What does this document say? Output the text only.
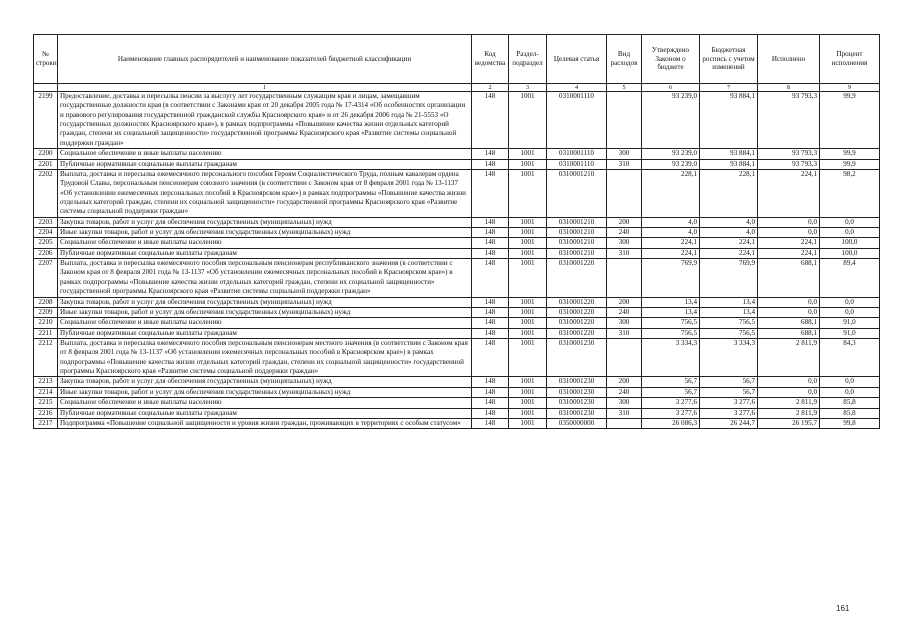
№ строки	Наименование главных распорядителей и наименование показателей бюджетной классификации	Код ведомства	Раздел-подраздел	Целевая статья	Вид расходов	Утверждено Законом о бюджете	Бюджетная роспись с учетом изменений	Исполнено	Процент исполнения
	1	2	3	4	5	6	7	8	9
2199	Предоставление, доставка и пересылка пенсии за выслугу лет государственным служащим края и лицам, замещавшим государственные должности края (в соответствии с Законами края от 20 декабря 2005 года № 17-4314 «Об особенностях организации и правового регулирования государственной гражданской службы Красноярского края» и от 26 декабря 2006 года № 21-5553 «О государственных должностях Красноярского края»), в рамках подпрограммы «Повышение качества жизни отдельных категорий граждан, степени их социальной защищенности» государственной программы Красноярского края «Развитие системы социальной поддержки граждан»	148	1001	0310001110		93 239,0	93 884,1	93 793,3	99,9
2200	Социальное обеспечение и иные выплаты населению	148	1001	0310001110	300	93 239,0	93 884,1	93 793,3	99,9
2201	Публичные нормативные социальные выплаты гражданам	148	1001	0310001110	310	93 239,0	93 884,1	93 793,3	99,9
2202	Выплата, доставка и пересылка ежемесячного персонального пособия Героям Социалистического Труда, полным кавалерам ордена Трудовой Славы, персональным пенсионерам союзного значения (в соответствии с Законом края от 8 февраля 2001 года № 13-1137 «Об установлении ежемесячных персональных пособий в Красноярском крае») в рамках подпрограммы «Повышение качества жизни отдельных категорий граждан, степени их социальной защищенности» государственной программы Красноярского края «Развитие системы социальной поддержки граждан»	148	1001	0310001210		228,1	228,1	224,1	98,2
2203	Закупка товаров, работ и услуг для обеспечения государственных (муниципальных) нужд	148	1001	0310001210	200	4,0	4,0	0,0	0,0
2204	Иные закупки товаров, работ и услуг для обеспечения государственных (муниципальных) нужд	148	1001	0310001210	240	4,0	4,0	0,0	0,0
2205	Социальное обеспечение и иные выплаты населению	148	1001	0310001210	300	224,1	224,1	224,1	100,0
2206	Публичные нормативные социальные выплаты гражданам	148	1001	0310001210	310	224,1	224,1	224,1	100,0
2207	Выплата, доставка и пересылка ежемесячного пособия персональным пенсионерам республиканского значения (в соответствии с Законом края от 8 февраля 2001 года № 13-1137 «Об установлении ежемесячных персональных пособий в Красноярском крае») в рамках подпрограммы «Повышение качества жизни отдельных категорий граждан, степени их социальной защищенности» государственной программы Красноярского края «Развитие системы социальной поддержки граждан»	148	1001	0310001220		769,9	769,9	688,1	89,4
2208	Закупка товаров, работ и услуг для обеспечения государственных (муниципальных) нужд	148	1001	0310001220	200	13,4	13,4	0,0	0,0
2209	Иные закупки товаров, работ и услуг для обеспечения государственных (муниципальных) нужд	148	1001	0310001220	240	13,4	13,4	0,0	0,0
2210	Социальное обеспечение и иные выплаты населению	148	1001	0310001220	300	756,5	756,5	688,1	91,0
2211	Публичные нормативные социальные выплаты гражданам	148	1001	0310001220	310	756,5	756,5	688,1	91,0
2212	Выплата, доставка и пересылка ежемесячного пособия персональным пенсионерам местного значения (в соответствии с Законом края от 8 февраля 2001 года № 13-1137 «Об установлении ежемесячных персональных пособий в Красноярском крае») в рамках подпрограммы «Повышение качества жизни отдельных категорий граждан, степени их социальной защищенности» государственной программы Красноярского края «Развитие системы социальной поддержки граждан»	148	1001	0310001230		3 334,3	3 334,3	2 811,9	84,3
2213	Закупка товаров, работ и услуг для обеспечения государственных (муниципальных) нужд	148	1001	0310001230	200	56,7	56,7	0,0	0,0
2214	Иные закупки товаров, работ и услуг для обеспечения государственных (муниципальных) нужд	148	1001	0310001230	240	56,7	56,7	0,0	0,0
2215	Социальное обеспечение и иные выплаты населению	148	1001	0310001230	300	3 277,6	3 277,6	2 811,9	85,8
2216	Публичные нормативные социальные выплаты гражданам	148	1001	0310001230	310	3 277,6	3 277,6	2 811,9	85,8
2217	Подпрограмма «Повышение социальной защищенности и уровня жизни граждан, проживающих в территориях с особым статусом»	148	1001	0350000000		26 086,3	26 244,7	26 195,7	99,8
161
